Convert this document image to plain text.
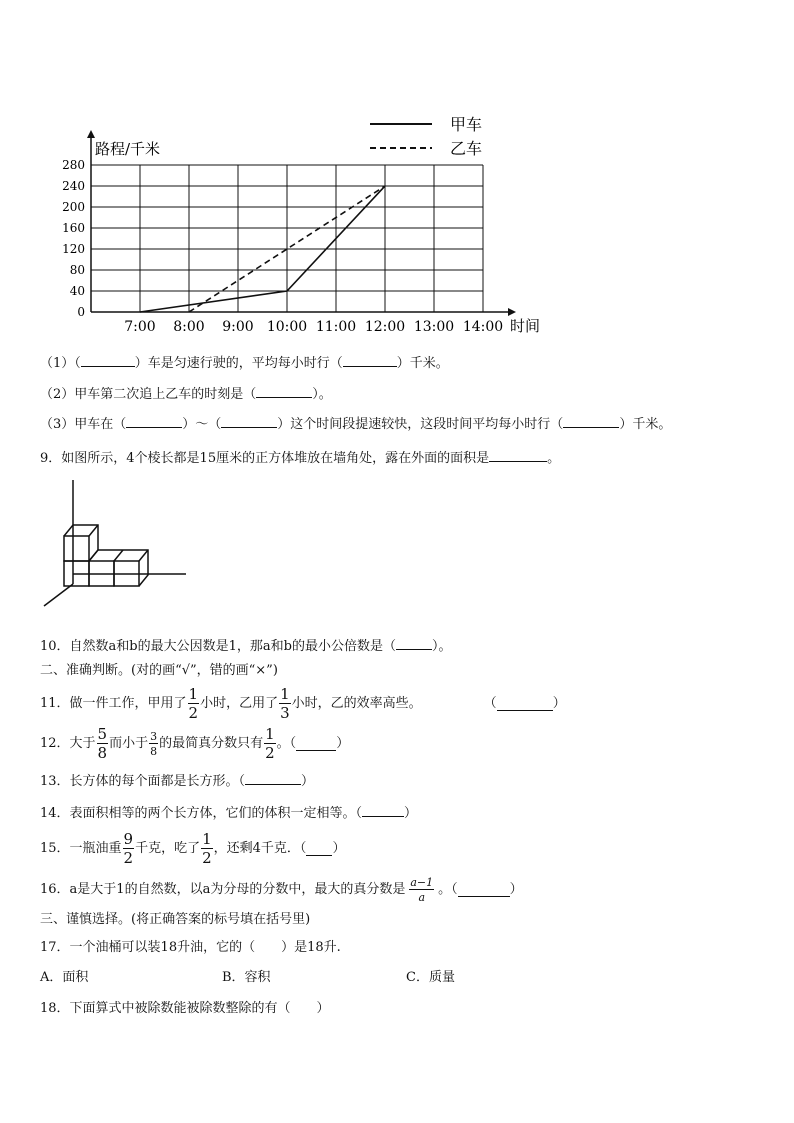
0
40
80
120
160
200
240
280
7:00 8:00 9:00 10:00 11:00 12:00 13:00 14:00
甲车
乙车
路程/千米
时间
（1）（	）车是匀速行驶的，平均每小时行（	）千米。
（2）甲车第二次追上乙车的时刻是（	）。
（3）甲车在（	）～（	）这个时间段提速较快，这段时间平均每小时行（	）千米。
9．如图所示，4个棱长都是15厘米的正方体堆放在墙角处，露在外面的面积是	。
10．自然数a和b的最大公因数是1，那a和b的最小公倍数是（	）。
二、准确判断。(对的画“√”，错的画“×”)
11．做一件工作，甲用了 $\frac{1}{2}$ 小时，乙用了 $\frac{1}{3}$ 小时，乙的效率高些。	（	）
12．大于 $\frac{5}{8}$ 而小于 $\frac{3}{8}$ 的最简真分数只有 $\frac{1}{2}$ 。（	）
13．长方体的每个面都是长方形。（	）
14．表面积相等的两个长方体，它们的体积一定相等。（	）
15．一瓶油重 $\frac{9}{2}$ 千克，吃了 $\frac{1}{2}$ ，还剩4千克．（ ）
16．a是大于1的自然数，以a为分母的分数中，最大的真分数是 $\frac{a-1}{a}$ 。（	）
三、谨慎选择。(将正确答案的标号填在括号里)
17．一个油桶可以装18升油，它的（　　）是18升.
A．面积	B．容积	C．质量
18．下面算式中被除数能被除数整除的有（　　）
